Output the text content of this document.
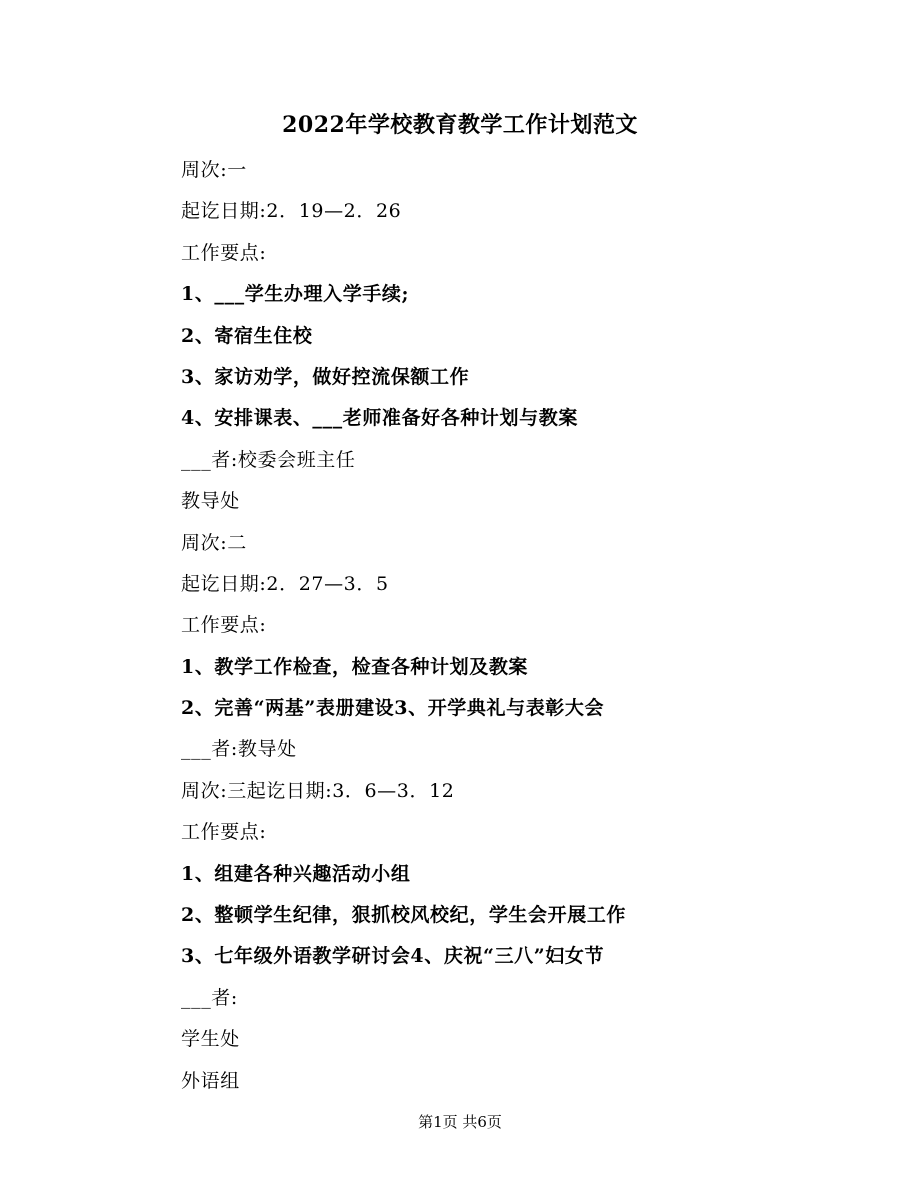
2022年学校教育教学工作计划范文
周次:一
起讫日期:2．19—2．26
工作要点:
1、___学生办理入学手续;
2、寄宿生住校
3、家访劝学，做好控流保额工作
4、安排课表、___老师准备好各种计划与教案
___者:校委会班主任
教导处
周次:二
起讫日期:2．27—3．5
工作要点:
1、教学工作检查，检查各种计划及教案
2、完善“两基”表册建设3、开学典礼与表彰大会
___者:教导处
周次:三起讫日期:3．6—3．12
工作要点:
1、组建各种兴趣活动小组
2、整顿学生纪律，狠抓校风校纪，学生会开展工作
3、七年级外语教学研讨会4、庆祝“三八”妇女节
___者:
学生处
外语组
第1页 共6页
